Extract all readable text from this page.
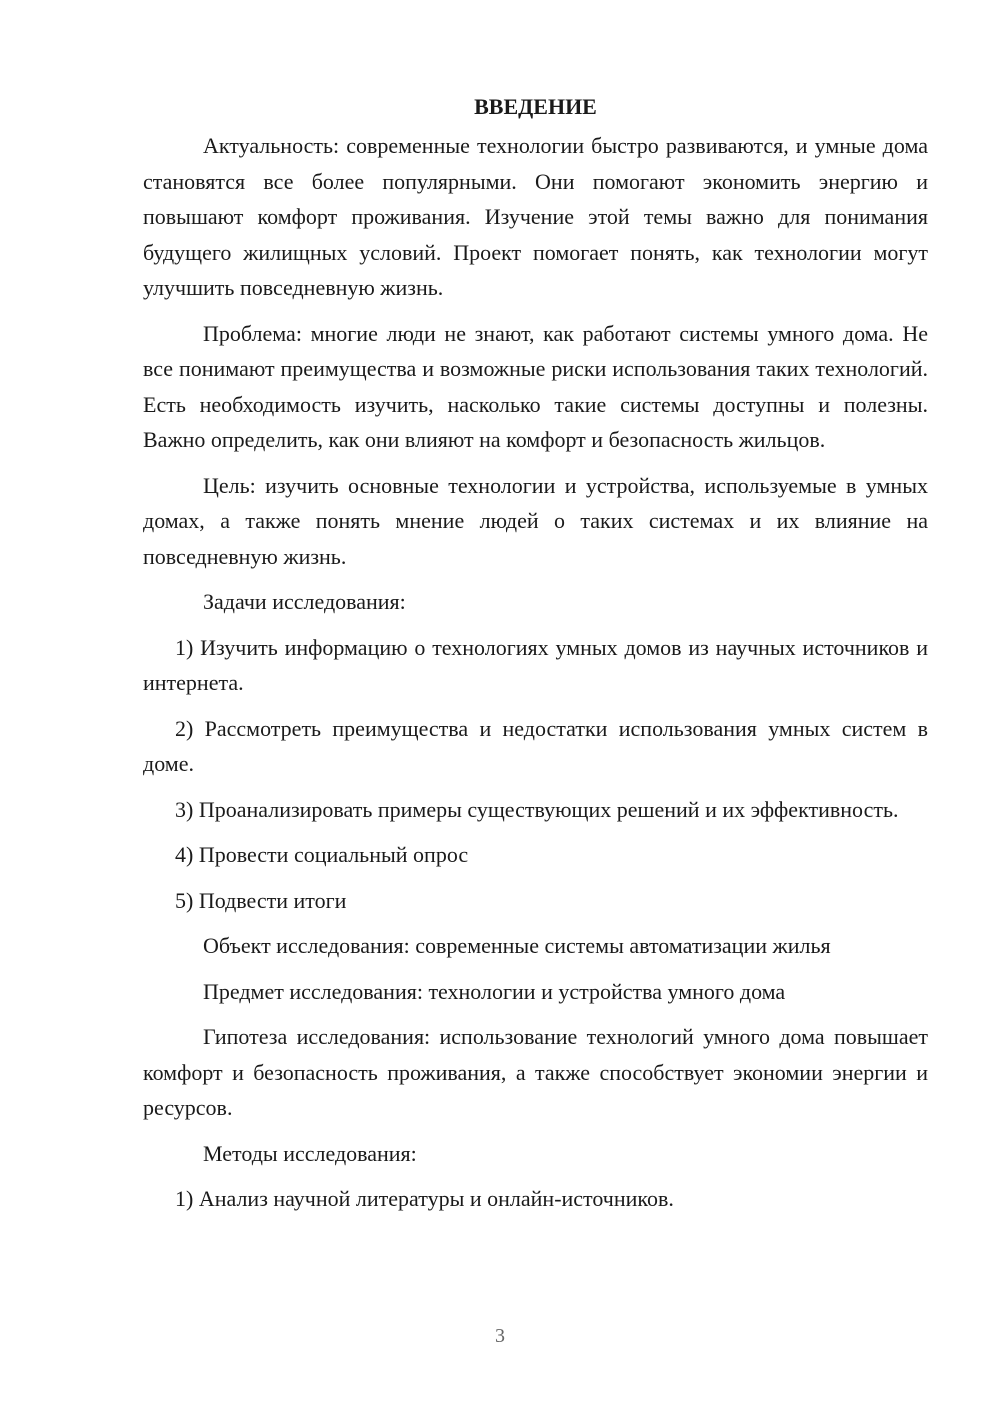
ВВЕДЕНИЕ
Актуальность: современные технологии быстро развиваются, и умные дома становятся все более популярными. Они помогают экономить энергию и повышают комфорт проживания. Изучение этой темы важно для понимания будущего жилищных условий. Проект помогает понять, как технологии могут улучшить повседневную жизнь.
Проблема: многие люди не знают, как работают системы умного дома. Не все понимают преимущества и возможные риски использования таких технологий. Есть необходимость изучить, насколько такие системы доступны и полезны. Важно определить, как они влияют на комфорт и безопасность жильцов.
Цель: изучить основные технологии и устройства, используемые в умных домах, а также понять мнение людей о таких системах и их влияние на повседневную жизнь.
Задачи исследования:
1) Изучить информацию о технологиях умных домов из научных источников и интернета.
2) Рассмотреть преимущества и недостатки использования умных систем в доме.
3) Проанализировать примеры существующих решений и их эффективность.
4) Провести социальный опрос
5) Подвести итоги
Объект исследования: современные системы автоматизации жилья
Предмет исследования: технологии и устройства умного дома
Гипотеза исследования: использование технологий умного дома повышает комфорт и безопасность проживания, а также способствует экономии энергии и ресурсов.
Методы исследования:
1) Анализ научной литературы и онлайн-источников.
3
